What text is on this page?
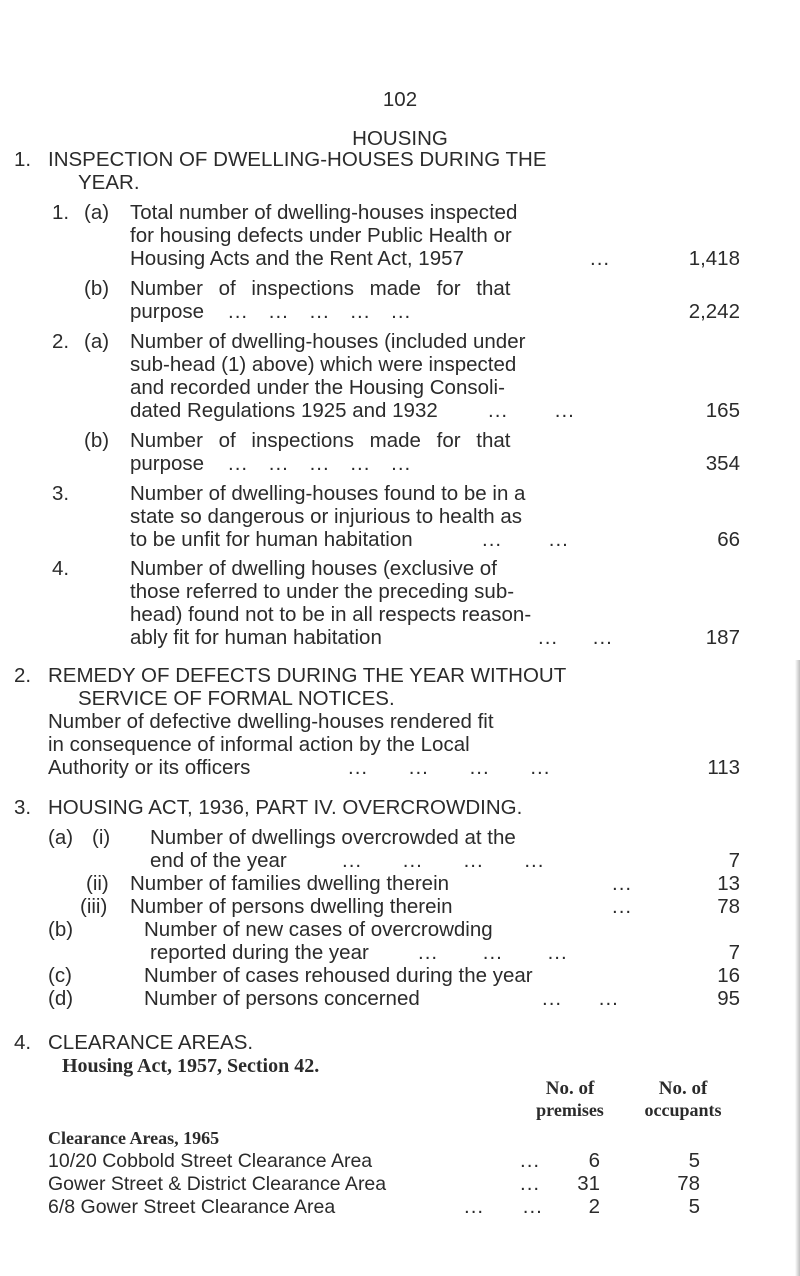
102
HOUSING
1. INSPECTION OF DWELLING-HOUSES DURING THE
YEAR.
1. (a) Total number of dwelling-houses inspected
for housing defects under Public Health or
Housing Acts and the Rent Act, 1957	...	1,418
(b) Number of inspections made for that
purpose ... ... ... ... ...	2,242
2. (a) Number of dwelling-houses (included under
sub-head (1) above) which were inspected
and recorded under the Housing Consoli-
dated Regulations 1925 and 1932 ... ...	165
(b) Number of inspections made for that
purpose ... ... ... ... ...	354
3.	Number of dwelling-houses found to be in a
state so dangerous or injurious to health as
to be unfit for human habitation	... ...	66
4.	Number of dwelling houses (exclusive of
those referred to under the preceding sub-
head) found not to be in all respects reason-
ably fit for human habitation	... ...	187
2. REMEDY OF DEFECTS DURING THE YEAR WITHOUT
SERVICE OF FORMAL NOTICES.
Number of defective dwelling-houses rendered fit
in consequence of informal action by the Local
Authority or its officers	... ... ... ...	113
3. HOUSING ACT, 1936, PART IV. OVERCROWDING.
(a) (i) Number of dwellings overcrowded at the
end of the year	... ... ... ...	7
(ii) Number of families dwelling therein	...	13
(iii) Number of persons dwelling therein	...	78
(b)	Number of new cases of overcrowding
reported during the year ... ... ...	7
(c)	Number of cases rehoused during the year	16
(d)	Number of persons concerned	... ...	95
4. CLEARANCE AREAS.
Housing Act, 1957, Section 42.
No. of
premises
No. of
occupants
Clearance Areas, 1965
10/20 Cobbold Street Clearance Area	...	6	5
Gower Street & District Clearance Area	...	31	78
6/8 Gower Street Clearance Area	... ...	2	5
